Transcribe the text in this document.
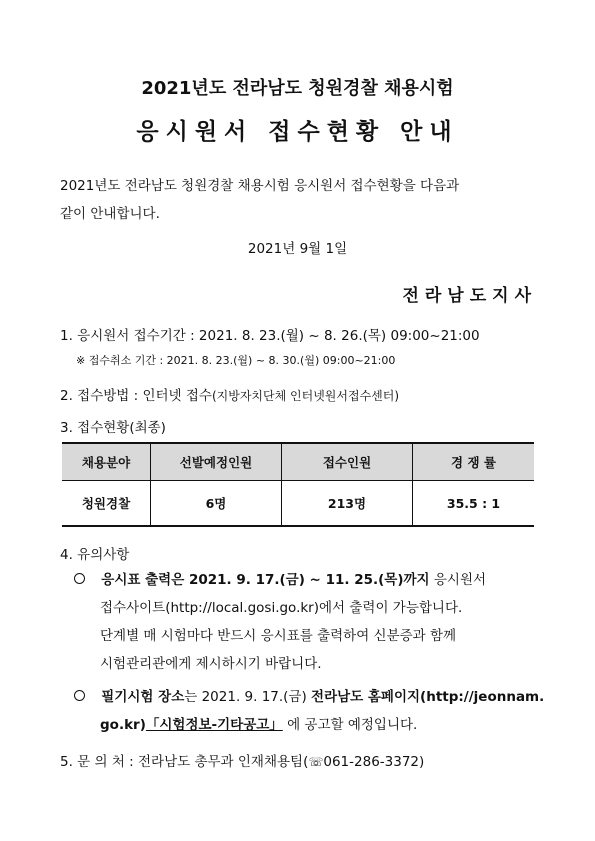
2021년도 전라남도 청원경찰 채용시험
응시원서 접수현황 안내
2021년도 전라남도 청원경찰 채용시험 응시원서 접수현황을 다음과
같이 안내합니다.
2021년 9월 1일
전라남도지사
1. 응시원서 접수기간 : 2021. 8. 23.(월) ~ 8. 26.(목) 09:00~21:00
※ 접수취소 기간 : 2021. 8. 23.(월) ~ 8. 30.(월) 09:00~21:00
2. 접수방법 : 인터넷 접수(지방자치단체 인터넷원서접수센터)
3. 접수현황(최종)
채용분야	선발예정인원	접수인원	경 쟁 률
청원경찰	6명	213명	35.5 : 1
4. 유의사항
응시표 출력은 2021. 9. 17.(금) ~ 11. 25.(목)까지 응시원서
접수사이트(http://local.gosi.go.kr)에서 출력이 가능합니다.
단계별 매 시험마다 반드시 응시표를 출력하여 신분증과 함께
시험관리관에게 제시하시기 바랍니다.
필기시험 장소는 2021. 9. 17.(금) 전라남도 홈페이지(http://jeonnam.
go.kr)「시험정보-기타공고」 에 공고할 예정입니다.
5. 문 의 처 : 전라남도 총무과 인재채용팀(☏061-286-3372)
